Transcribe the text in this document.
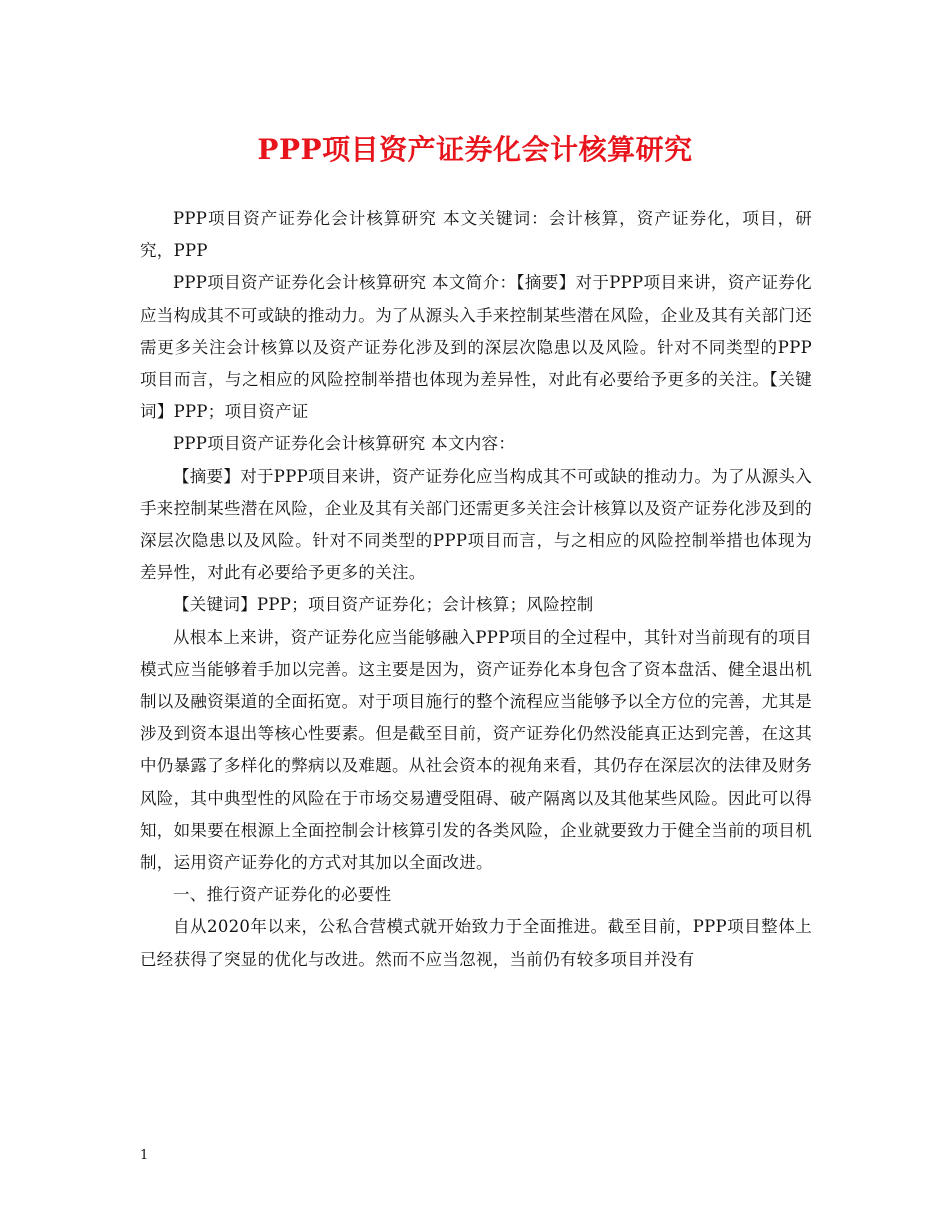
PPP项目资产证券化会计核算研究

PPP项目资产证券化会计核算研究 本文关键词：会计核算，资产证券化，项目，研究，PPP

PPP项目资产证券化会计核算研究 本文简介：【摘要】对于PPP项目来讲，资产证券化应当构成其不可或缺的推动力。为了从源头入手来控制某些潜在风险，企业及其有关部门还需更多关注会计核算以及资产证券化涉及到的深层次隐患以及风险。针对不同类型的PPP项目而言，与之相应的风险控制举措也体现为差异性，对此有必要给予更多的关注。【关键词】PPP；项目资产证

PPP项目资产证券化会计核算研究 本文内容：

【摘要】对于PPP项目来讲，资产证券化应当构成其不可或缺的推动力。为了从源头入手来控制某些潜在风险，企业及其有关部门还需更多关注会计核算以及资产证券化涉及到的深层次隐患以及风险。针对不同类型的PPP项目而言，与之相应的风险控制举措也体现为差异性，对此有必要给予更多的关注。

【关键词】PPP；项目资产证券化；会计核算；风险控制

从根本上来讲，资产证券化应当能够融入PPP项目的全过程中，其针对当前现有的项目模式应当能够着手加以完善。这主要是因为，资产证券化本身包含了资本盘活、健全退出机制以及融资渠道的全面拓宽。对于项目施行的整个流程应当能够予以全方位的完善，尤其是涉及到资本退出等核心性要素。但是截至目前，资产证券化仍然没能真正达到完善，在这其中仍暴露了多样化的弊病以及难题。从社会资本的视角来看，其仍存在深层次的法律及财务风险，其中典型性的风险在于市场交易遭受阻碍、破产隔离以及其他某些风险。因此可以得知，如果要在根源上全面控制会计核算引发的各类风险，企业就要致力于健全当前的项目机制，运用资产证券化的方式对其加以全面改进。

一、推行资产证券化的必要性

自从2020年以来，公私合营模式就开始致力于全面推进。截至目前，PPP项目整体上已经获得了突显的优化与改进。然而不应当忽视，当前仍有较多项目并没有

1
